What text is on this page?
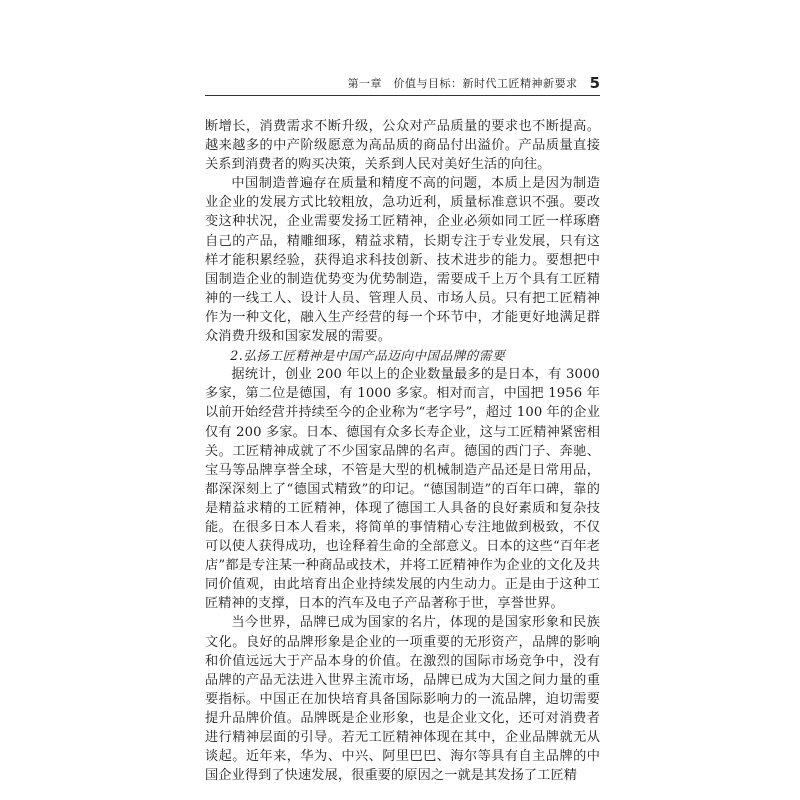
第一章　价值与目标：新时代工匠精神新要求 5

断增长，消费需求不断升级，公众对产品质量的要求也不断提高。越来越多的中产阶级愿意为高品质的商品付出溢价。产品质量直接关系到消费者的购买决策，关系到人民对美好生活的向往。

中国制造普遍存在质量和精度不高的问题，本质上是因为制造业企业的发展方式比较粗放，急功近利，质量标准意识不强。要改变这种状况，企业需要发扬工匠精神，企业必须如同工匠一样琢磨自己的产品，精雕细琢，精益求精，长期专注于专业发展，只有这样才能积累经验，获得追求科技创新、技术进步的能力。要想把中国制造企业的制造优势变为优势制造，需要成千上万个具有工匠精神的一线工人、设计人员、管理人员、市场人员。只有把工匠精神作为一种文化，融入生产经营的每一个环节中，才能更好地满足群众消费升级和国家发展的需要。

2.弘扬工匠精神是中国产品迈向中国品牌的需要

据统计，创业 200 年以上的企业数量最多的是日本，有 3000 多家，第二位是德国，有 1000 多家。相对而言，中国把 1956 年以前开始经营并持续至今的企业称为“老字号”，超过 100 年的企业仅有 200 多家。日本、德国有众多长寿企业，这与工匠精神紧密相关。工匠精神成就了不少国家品牌的名声。德国的西门子、奔驰、宝马等品牌享誉全球，不管是大型的机械制造产品还是日常用品，都深深刻上了“德国式精致”的印记。“德国制造”的百年口碑，靠的是精益求精的工匠精神，体现了德国工人具备的良好素质和复杂技能。在很多日本人看来，将简单的事情精心专注地做到极致，不仅可以使人获得成功，也诠释着生命的全部意义。日本的这些“百年老店”都是专注某一种商品或技术，并将工匠精神作为企业的文化及共同价值观，由此培育出企业持续发展的内生动力。正是由于这种工匠精神的支撑，日本的汽车及电子产品著称于世，享誉世界。

当今世界，品牌已成为国家的名片，体现的是国家形象和民族文化。良好的品牌形象是企业的一项重要的无形资产，品牌的影响和价值远远大于产品本身的价值。在激烈的国际市场竞争中，没有品牌的产品无法进入世界主流市场，品牌已成为大国之间力量的重要指标。中国正在加快培育具备国际影响力的一流品牌，迫切需要提升品牌价值。品牌既是企业形象，也是企业文化，还可对消费者进行精神层面的引导。若无工匠精神体现在其中，企业品牌就无从谈起。近年来，华为、中兴、阿里巴巴、海尔等具有自主品牌的中国企业得到了快速发展，很重要的原因之一就是其发扬了工匠精
